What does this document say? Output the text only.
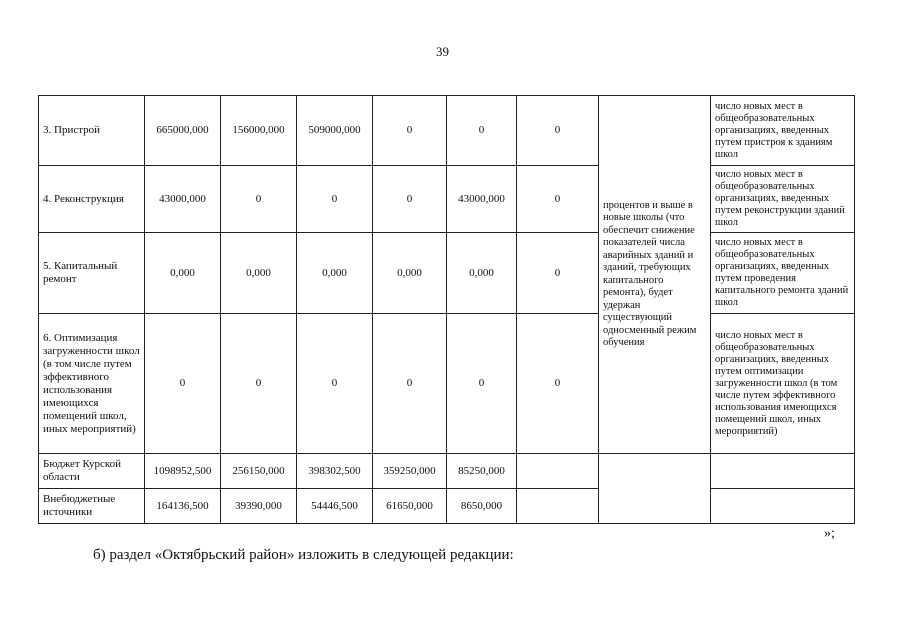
39
3. Пристрой	665000,000	156000,000	509000,000	0	0	0	процентов и выше в новые школы (что обеспечит снижение показателей числа аварийных зданий и зданий, требующих капитального ремонта), будет удержан существующий односменный режим обучения	число новых мест в общеобразовательных организациях, введенных путем пристроя к зданиям школ
4. Реконструкция	43000,000	0	0	0	43000,000	0		число новых мест в общеобразовательных организациях, введенных путем реконструкции зданий школ
5. Капитальный ремонт	0,000	0,000	0,000	0,000	0,000	0		число новых мест в общеобразовательных организациях, введенных путем проведения капитального ремонта зданий школ
6. Оптимизация загруженности школ (в том числе путем эффективного использования имеющихся помещений школ, иных мероприятий)	0	0	0	0	0	0		число новых мест в общеобразовательных организациях, введенных путем оптимизации загруженности школ (в том числе путем эффективного использования имеющихся помещений школ, иных мероприятий)
Бюджет Курской области	1098952,500	256150,000	398302,500	359250,000	85250,000			
Внебюджетные источники	164136,500	39390,000	54446,500	61650,000	8650,000			
»;
б) раздел «Октябрьский район» изложить в следующей редакции:
